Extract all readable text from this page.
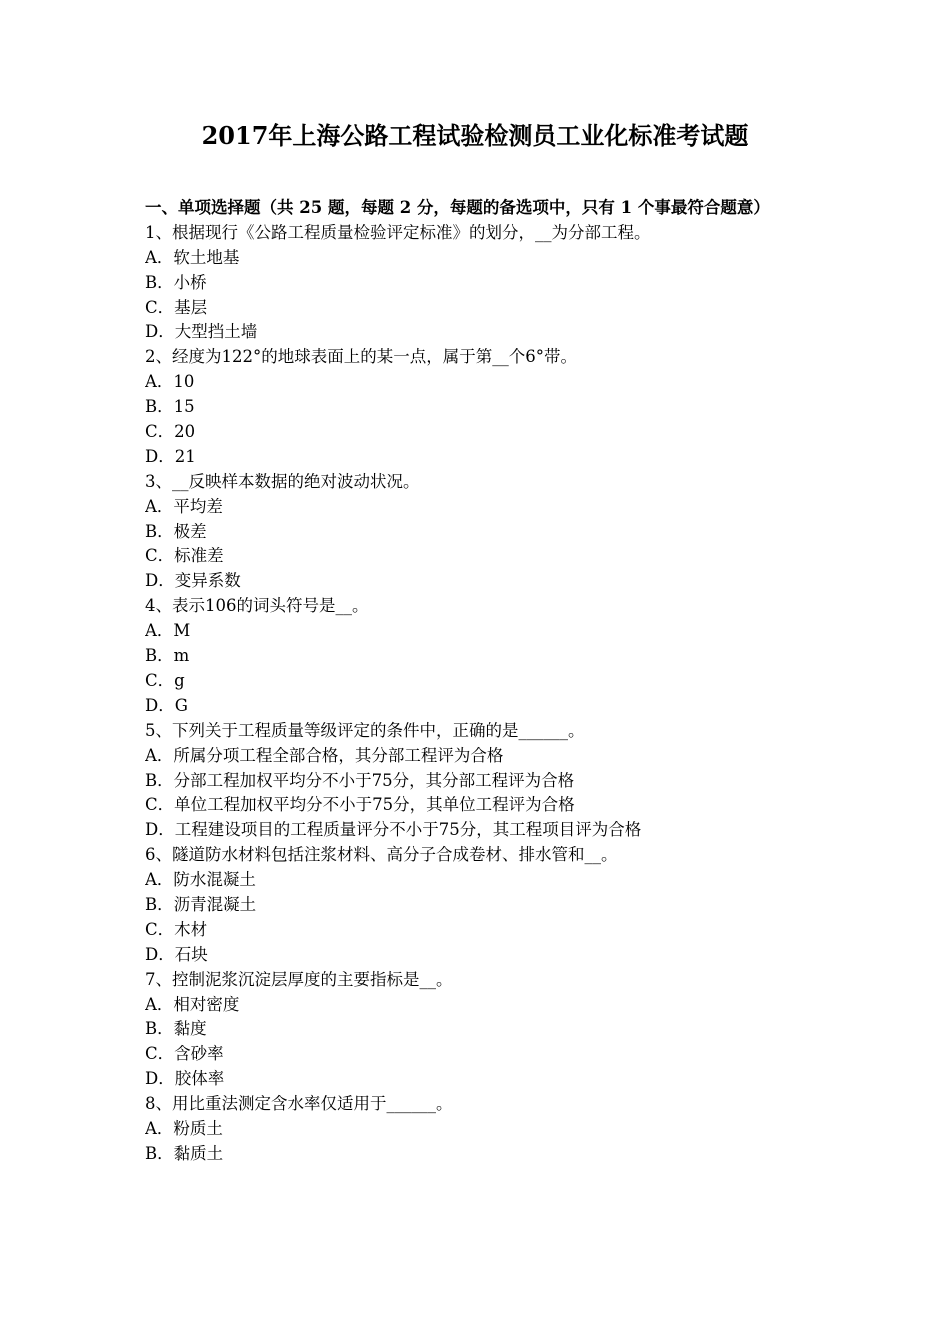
2017年上海公路工程试验检测员工业化标准考试题

一、单项选择题（共 25 题，每题 2 分，每题的备选项中，只有 1 个事最符合题意）

1、根据现行《公路工程质量检验评定标准》的划分，__为分部工程。
A．软土地基
B．小桥
C．基层
D．大型挡土墙
2、经度为122°的地球表面上的某一点，属于第__个6°带。
A．10
B．15
C．20
D．21
3、__反映样本数据的绝对波动状况。
A．平均差
B．极差
C．标准差
D．变异系数
4、表示106的词头符号是__。
A．M
B．m
C．g
D．G
5、下列关于工程质量等级评定的条件中，正确的是______。
A．所属分项工程全部合格，其分部工程评为合格
B．分部工程加权平均分不小于75分，其分部工程评为合格
C．单位工程加权平均分不小于75分，其单位工程评为合格
D．工程建设项目的工程质量评分不小于75分，其工程项目评为合格
6、隧道防水材料包括注浆材料、高分子合成卷材、排水管和__。
A．防水混凝土
B．沥青混凝土
C．木材
D．石块
7、控制泥浆沉淀层厚度的主要指标是__。
A．相对密度
B．黏度
C．含砂率
D．胶体率
8、用比重法测定含水率仅适用于______。
A．粉质土
B．黏质土
